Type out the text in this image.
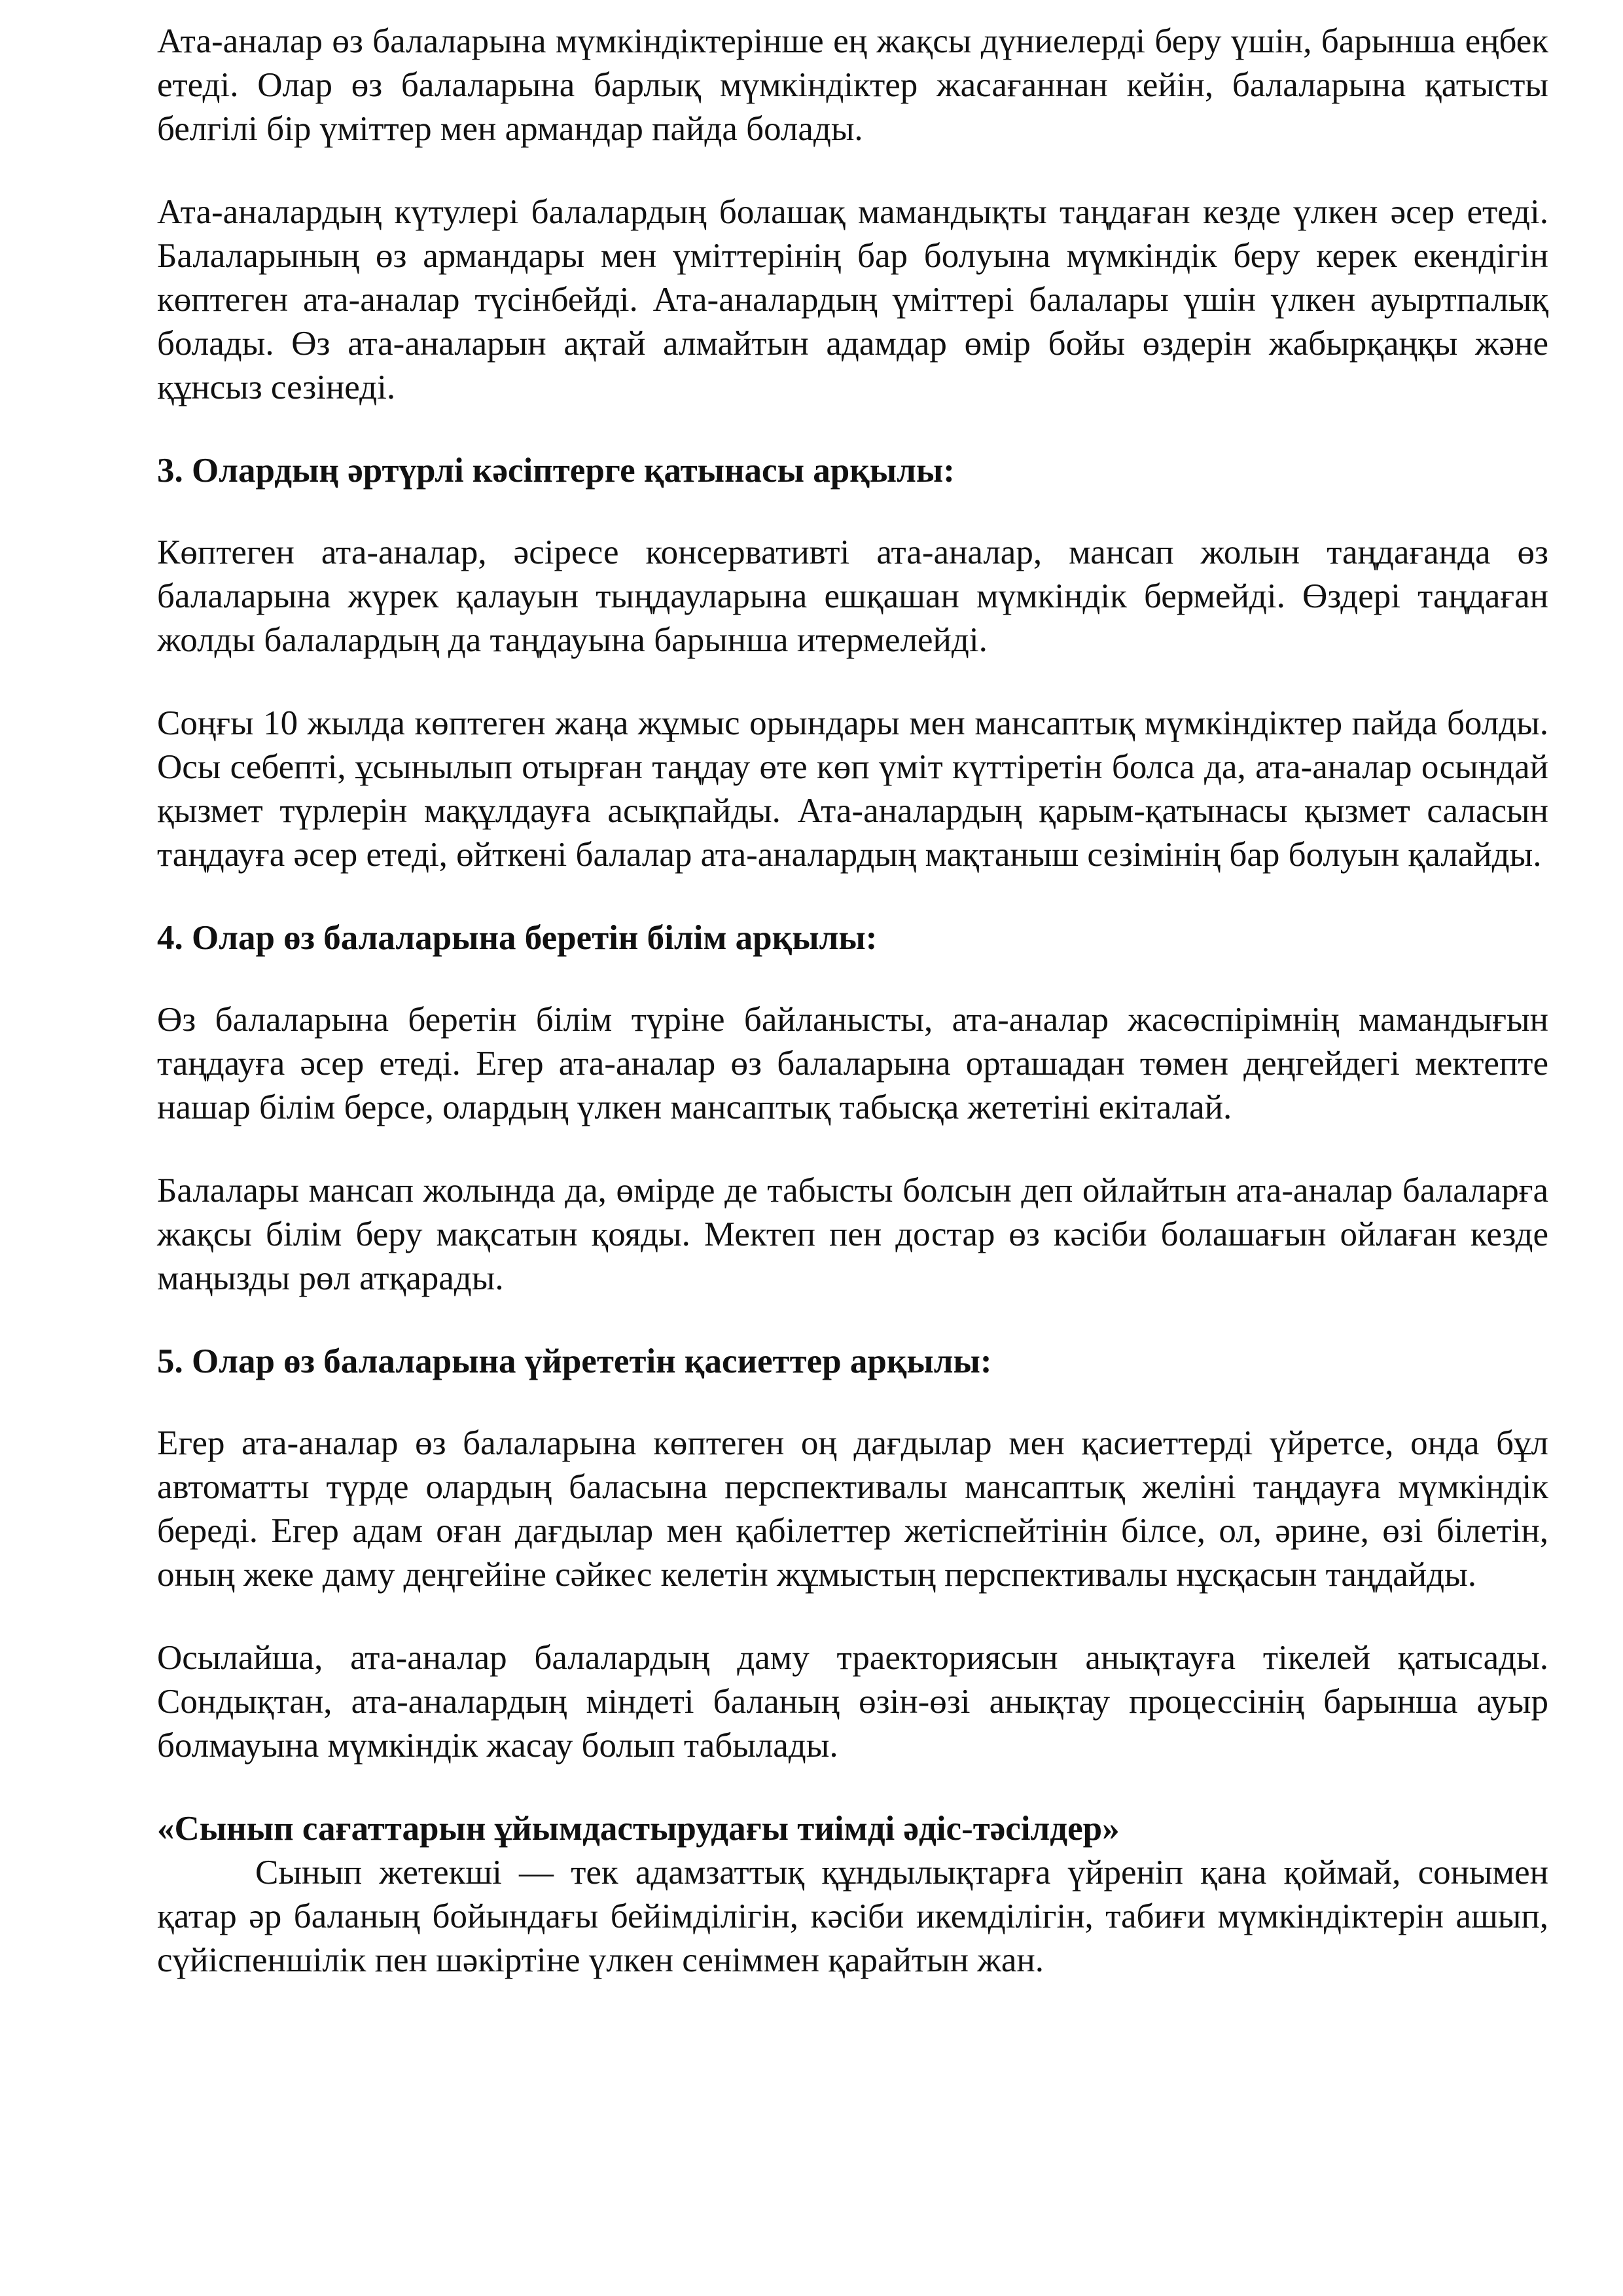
Ата-аналар өз балаларына мүмкіндіктерінше ең жақсы дүниелерді беру үшін, барынша еңбек етеді. Олар өз балаларына барлық мүмкіндіктер жасағаннан кейін, балаларына қатысты белгілі бір үміттер мен армандар пайда болады.

Ата-аналардың күтулері балалардың болашақ мамандықты таңдаған кезде үлкен әсер етеді. Балаларының өз армандары мен үміттерінің бар болуына мүмкіндік беру керек екендігін көптеген ата-аналар түсінбейді. Ата-аналардың үміттері балалары үшін үлкен ауыртпалық болады. Өз ата-аналарын ақтай алмайтын адамдар өмір бойы өздерін жабырқаңқы және құнсыз сезінеді.

3. Олардың әртүрлі кәсіптерге қатынасы арқылы:

Көптеген ата-аналар, әсіресе консервативті ата-аналар, мансап жолын таңдағанда өз балаларына жүрек қалауын тыңдауларына ешқашан мүмкіндік бермейді. Өздері таңдаған жолды балалардың да таңдауына барынша итермелейді.

Соңғы 10 жылда көптеген жаңа жұмыс орындары мен мансаптық мүмкіндіктер пайда болды. Осы себепті, ұсынылып отырған таңдау өте көп үміт күттіретін болса да, ата-аналар осындай қызмет түрлерін мақұлдауға асықпайды. Ата-аналардың қарым-қатынасы қызмет саласын таңдауға әсер етеді, өйткені балалар ата-аналардың мақтаныш сезімінің бар болуын қалайды.

4. Олар өз балаларына беретін білім арқылы:

Өз балаларына беретін білім түріне байланысты, ата-аналар жасөспірімнің мамандығын таңдауға әсер етеді. Егер ата-аналар өз балаларына орташадан төмен деңгейдегі мектепте нашар білім берсе, олардың үлкен мансаптық табысқа жететіні екіталай.

Балалары мансап жолында да, өмірде де табысты болсын деп ойлайтын ата-аналар балаларға жақсы білім беру мақсатын қояды. Мектеп пен достар өз кәсіби болашағын ойлаған кезде маңызды рөл атқарады.

5. Олар өз балаларына үйрететін қасиеттер арқылы:

Егер ата-аналар өз балаларына көптеген оң дағдылар мен қасиеттерді үйретсе, онда бұл автоматты түрде олардың баласына перспективалы мансаптық желіні таңдауға мүмкіндік береді. Егер адам оған дағдылар мен қабілеттер жетіспейтінін білсе, ол, әрине, өзі білетін, оның жеке даму деңгейіне сәйкес келетін жұмыстың перспективалы нұсқасын таңдайды.

Осылайша, ата-аналар балалардың даму траекториясын анықтауға тікелей қатысады. Сондықтан, ата-аналардың міндеті баланың өзін-өзі анықтау процессінің барынша ауыр болмауына мүмкіндік жасау болып табылады.

«Сынып сағаттарын ұйымдастырудағы тиімді әдіс-тәсілдер»

Сынып жетекші — тек адамзаттық құндылықтарға үйреніп қана қоймай, сонымен қатар әр баланың бойындағы бейімділігін, кәсіби икемділігін, табиғи мүмкіндіктерін ашып, сүйіспеншілік пен шәкіртіне үлкен сеніммен қарайтын жан.
